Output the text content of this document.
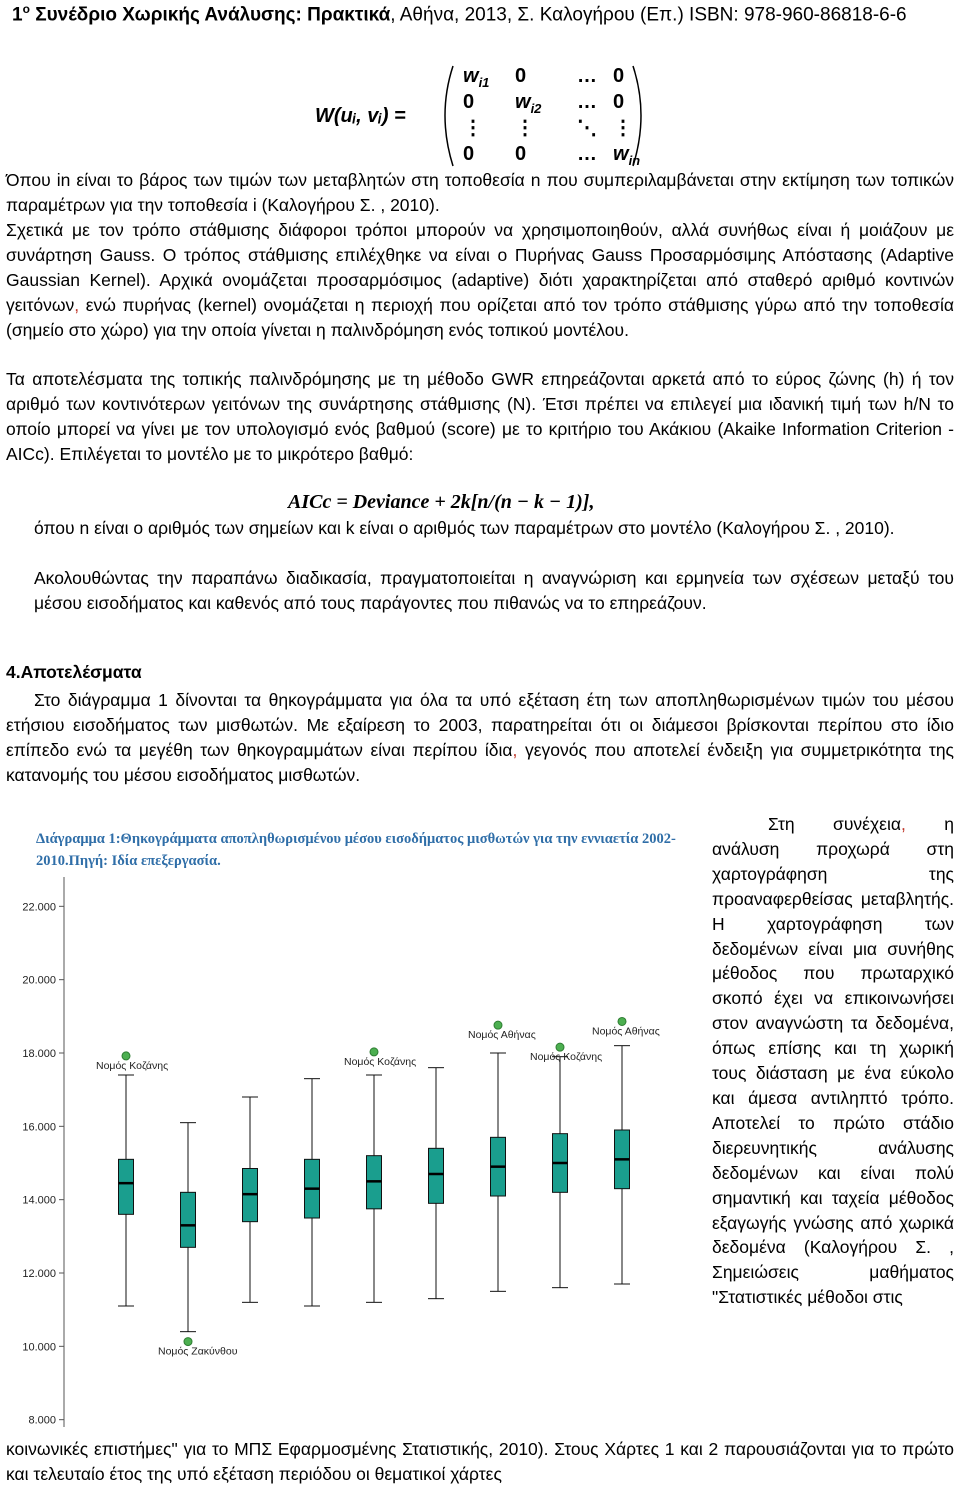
$1^o$ Συνέδριο Χωρικής Ανάλυσης: Πρακτικά, Αθήνα, 2013, Σ. Καλογήρου (Επ.) ISBN: 978-960-86818-6-6
W(uᵢ, vᵢ) =
$w_{i1}$ 0	… 0
0 $w_{i2}$ … 0
⋮ ⋮ ⋱ ⋮
0 0	… $w_{in}$
Όπου in είναι το βάρος των τιμών των μεταβλητών στη τοποθεσία n που συμπεριλαμβάνεται στην εκτίμηση των τοπικών παραμέτρων για την τοποθεσία i (Καλογήρου Σ. , 2010).
Σχετικά με τον τρόπο στάθμισης διάφοροι τρόποι μπορούν να χρησιμοποιηθούν, αλλά συνήθως είναι ή μοιάζουν με συνάρτηση Gauss. Ο τρόπος στάθμισης επιλέχθηκε να είναι ο Πυρήνας Gauss Προσαρμόσιμης Απόστασης (Adaptive Gaussian Kernel). Αρχικά ονομάζεται προσαρμόσιμος (adaptive) διότι χαρακτηρίζεται από σταθερό αριθμό κοντινών γειτόνων, ενώ πυρήνας (kernel) ονομάζεται η περιοχή που ορίζεται από τον τρόπο στάθμισης γύρω από την τοποθεσία (σημείο στο χώρο) για την οποία γίνεται η παλινδρόμηση ενός τοπικού μοντέλου.
Τα αποτελέσματα της τοπικής παλινδρόμησης με τη μέθοδο GWR επηρεάζονται αρκετά από το εύρος ζώνης (h) ή τον αριθμό των κοντινότερων γειτόνων της συνάρτησης στάθμισης (N). Έτσι πρέπει να επιλεγεί μια ιδανική τιμή των h/N το οποίο μπορεί να γίνει με τον υπολογισμό ενός βαθμού (score) με το κριτήριο του Ακάκιου (Akaike Information Criterion - AICc). Επιλέγεται το μοντέλο με το μικρότερο βαθμό:
AICc = Deviance + 2k[n/(n − k − 1)],
όπου n είναι ο αριθμός των σημείων και k είναι ο αριθμός των παραμέτρων στο μοντέλο (Καλογήρου Σ. , 2010).
Ακολουθώντας την παραπάνω διαδικασία, πραγματοποιείται η αναγνώριση και ερμηνεία των σχέσεων μεταξύ του μέσου εισοδήματος και καθενός από τους παράγοντες που πιθανώς να το επηρεάζουν.
4.Αποτελέσματα
Στο διάγραμμα 1 δίνονται τα θηκογράμματα για όλα τα υπό εξέταση έτη των αποπληθωρισμένων τιμών του μέσου ετήσιου εισοδήματος των μισθωτών. Με εξαίρεση το 2003, παρατηρείται ότι οι διάμεσοι βρίσκονται περίπου στο ίδιο επίπεδο ενώ τα μεγέθη των θηκογραμμάτων είναι περίπου ίδια, γεγονός που αποτελεί ένδειξη για συμμετρικότητα της κατανομής του μέσου εισοδήματος μισθωτών.
Διάγραμμα 1:Θηκογράμματα αποπληθωρισμένου μέσου εισοδήματος μισθωτών για την εννιαετία 2002-2010.Πηγή: Ιδία επεξεργασία.
8.000
10.000
12.000
14.000
16.000
18.000
20.000
22.000
Νομός Κοζάνης
Νομός Ζακύνθου
Νομός Κοζάνης
Νομός Αθήνας
Νομός Κοζάνης
Νομός Αθήνας
Στη συνέχεια, η ανάλυση προχωρά στη χαρτογράφηση της προαναφερθείσας μεταβλητής. Η χαρτογράφηση των δεδομένων είναι μια συνήθης μέθοδος που πρωταρχικό σκοπό έχει να επικοινωνήσει στον αναγνώστη τα δεδομένα, όπως επίσης και τη χωρική τους διάσταση με ένα εύκολο και άμεσα αντιληπτό τρόπο. Αποτελεί το πρώτο στάδιο διερευνητικής ανάλυσης δεδομένων και είναι πολύ σημαντική και ταχεία μέθοδος εξαγωγής γνώσης από χωρικά δεδομένα (Καλογήρου Σ. , Σημειώσεις μαθήματος "Στατιστικές μέθοδοι στις
κοινωνικές επιστήμες" για το ΜΠΣ Εφαρμοσμένης Στατιστικής, 2010). Στους Χάρτες 1 και 2 παρουσιάζονται για το πρώτο και τελευταίο έτος της υπό εξέταση περιόδου οι θεματικοί χάρτες
